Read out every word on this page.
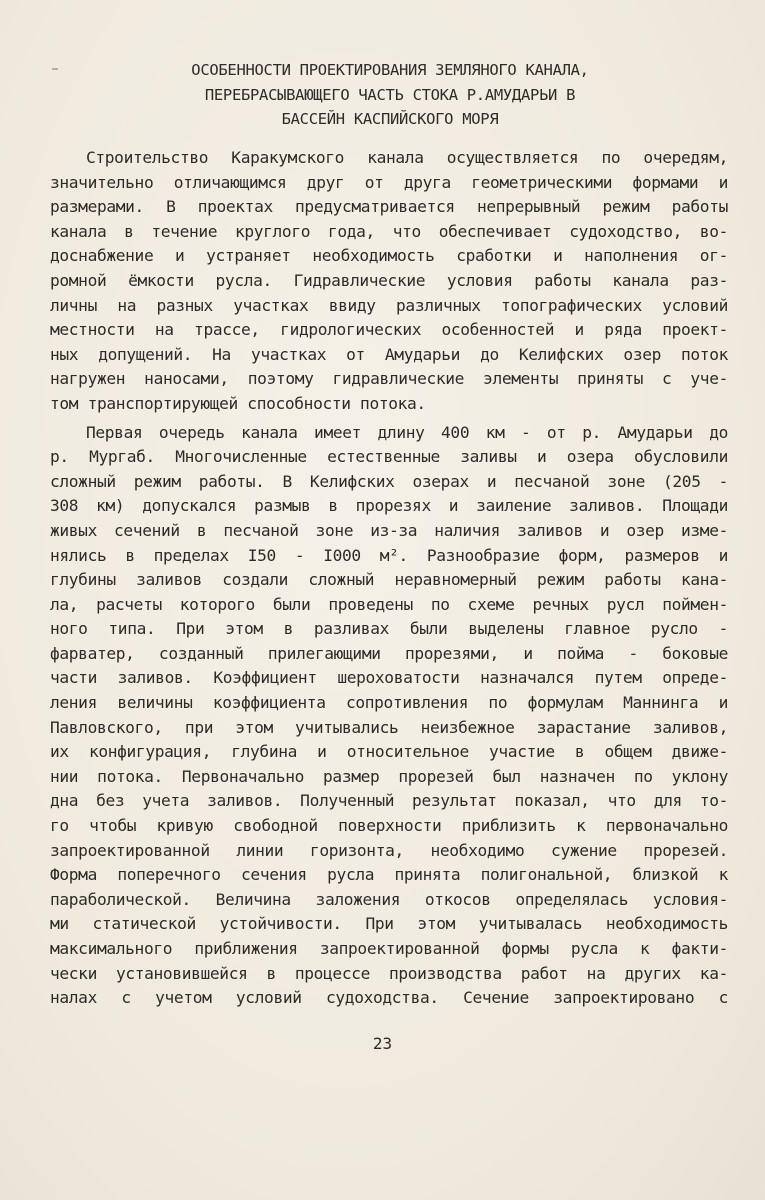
ОСОБЕННОСТИ ПРОЕКТИРОВАНИЯ ЗЕМЛЯНОГО КАНАЛА,
ПЕРЕБРАСЫВАЮЩЕГО ЧАСТЬ СТОКА Р.АМУДАРЬИ В
БАССЕЙН КАСПИЙСКОГО МОРЯ
Строительство Каракумского канала осуществляется по очередям,
значительно отличающимся друг от друга геометрическими формами и
размерами. В проектах предусматривается непрерывный режим работы
канала в течение круглого года, что обеспечивает судоходство, во-
доснабжение и устраняет необходимость сработки и наполнения ог-
ромной ёмкости русла. Гидравлические условия работы канала раз-
личны на разных участках ввиду различных топографических условий
местности на трассе, гидрологических особенностей и ряда проект-
ных допущений. На участках от Амударьи до Келифских озер поток
нагружен наносами, поэтому гидравлические элементы приняты с уче-
том транспортирующей способности потока.
Первая очередь канала имеет длину 400 км - от р. Амударьи до
р. Мургаб. Многочисленные естественные заливы и озера обусловили
сложный режим работы. В Келифских озерах и песчаной зоне (205 -
308 км) допускался размыв в прорезях и заиление заливов. Площади
живых сечений в песчаной зоне из-за наличия заливов и озер изме-
нялись в пределах I50 - I000 м². Разнообразие форм, размеров и
глубины заливов создали сложный неравномерный режим работы кана-
ла, расчеты которого были проведены по схеме речных русл поймен-
ного типа. При этом в разливах были выделены главное русло -
фарватер, созданный прилегающими прорезями, и пойма - боковые
части заливов. Коэффициент шероховатости назначался путем опреде-
ления величины коэффициента сопротивления по формулам Маннинга и
Павловского, при этом учитывались неизбежное зарастание заливов,
их конфигурация, глубина и относительное участие в общем движе-
нии потока. Первоначально размер прорезей был назначен по уклону
дна без учета заливов. Полученный результат показал, что для то-
го чтобы кривую свободной поверхности приблизить к первоначально
запроектированной линии горизонта, необходимо сужение прорезей.
Форма поперечного сечения русла принята полигональной, близкой к
параболической. Величина заложения откосов определялась условия-
ми статической устойчивости. При этом учитывалась необходимость
максимального приближения запроектированной формы русла к факти-
чески установившейся в процессе производства работ на других ка-
налах с учетом условий судоходства. Сечение запроектировано с
23
